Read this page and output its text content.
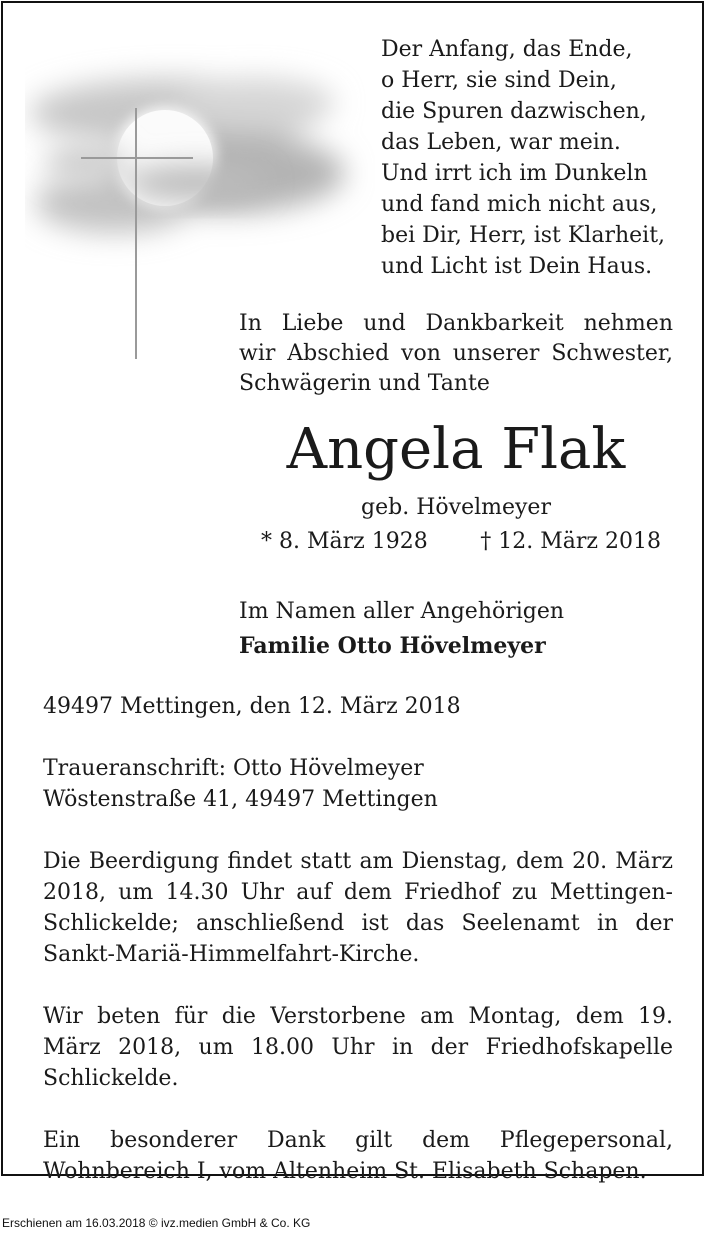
Der Anfang, das Ende,
o Herr, sie sind Dein,
die Spuren dazwischen,
das Leben, war mein.
Und irrt ich im Dunkeln
und fand mich nicht aus,
bei Dir, Herr, ist Klarheit,
und Licht ist Dein Haus.
In Liebe und Dankbarkeit nehmen
wir Abschied von unserer Schwester,
Schwägerin und Tante
Angela Flak
geb. Hövelmeyer
* 8. März 1928 † 12. März 2018
Im Namen aller Angehörigen
Familie Otto Hövelmeyer

49497 Mettingen, den 12. März 2018

Traueranschrift: Otto Hövelmeyer

Wöstenstraße 41, 49497 Mettingen

Die Beerdigung findet statt am Dienstag, dem 20. März 2018, um 14.30 Uhr auf dem Friedhof zu Mettingen-Schlickelde; anschließend ist das Seelenamt in der Sankt-Mariä-Himmelfahrt-Kirche.

Wir beten für die Verstorbene am Montag, dem 19. März 2018, um 18.00 Uhr in der Friedhofskapelle Schlickelde.

Ein besonderer Dank gilt dem Pflegepersonal, Wohnbereich I, vom Altenheim St. Elisabeth Schapen.

Erschienen am 16.03.2018 © ivz.medien GmbH & Co. KG
